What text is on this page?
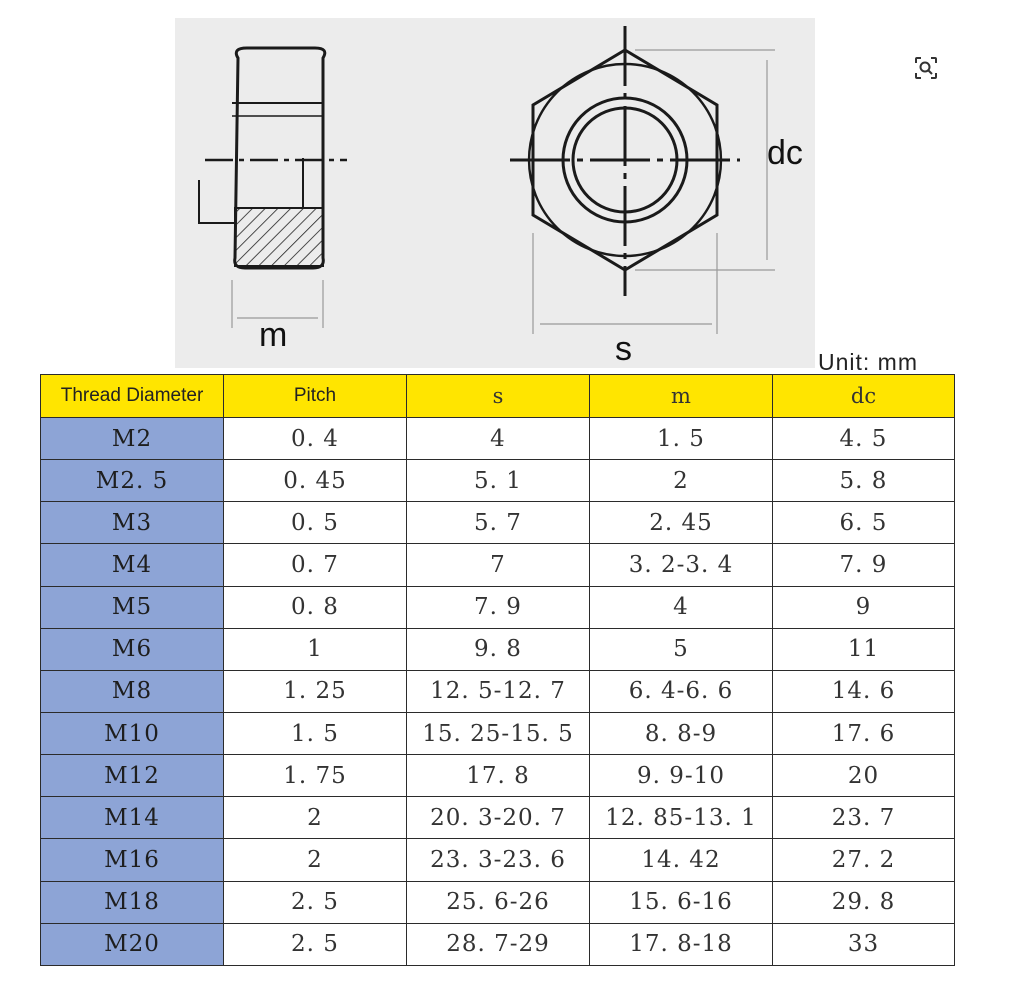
m	s
dc
Unit: mm
Thread Diameter	Pitch	s	m	dc
M2	0. 4	4	1. 5	4. 5
M2. 5	0. 45	5. 1	2	5. 8
M3	0. 5	5. 7	2. 45	6. 5
M4	0. 7	7	3. 2-3. 4	7. 9
M5	0. 8	7. 9	4	9
M6	1	9. 8	5	11
M8	1. 25	12. 5-12. 7	6. 4-6. 6	14. 6
M10	1. 5	15. 25-15. 5	8. 8-9	17. 6
M12	1. 75	17. 8	9. 9-10	20
M14	2	20. 3-20. 7	12. 85-13. 1	23. 7
M16	2	23. 3-23. 6	14. 42	27. 2
M18	2. 5	25. 6-26	15. 6-16	29. 8
M20	2. 5	28. 7-29	17. 8-18	33
